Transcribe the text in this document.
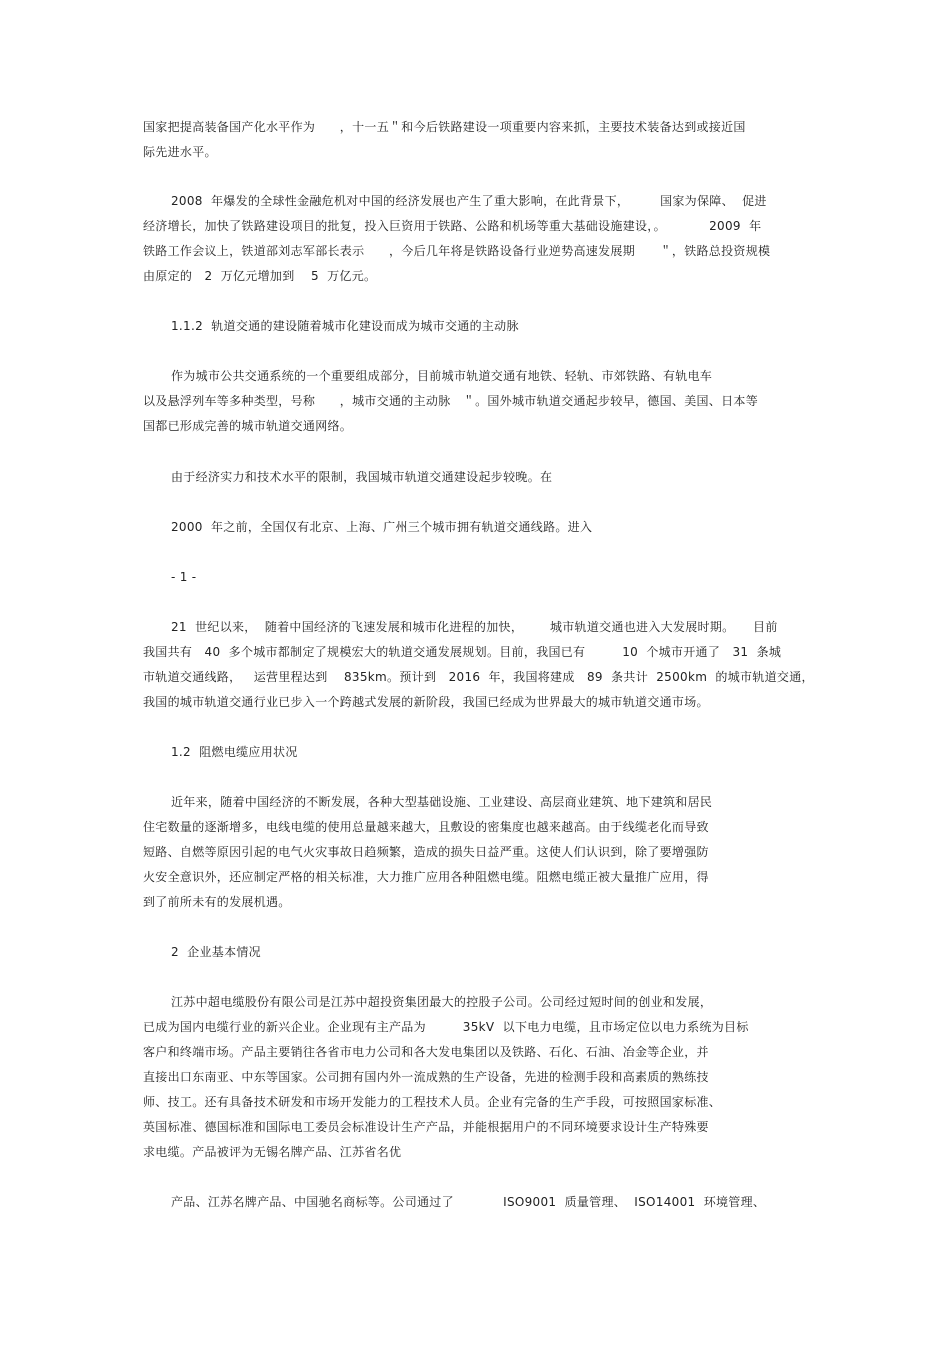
国家把提高装备国产化水平作为　　，十一五＂和今后铁路建设一项重要内容来抓，主要技术装备达到或接近国
际先进水平。
2008  年爆发的全球性金融危机对中国的经济发展也产生了重大影响，在此背景下，　　　国家为保障、  促进
经济增长，加快了铁路建设项目的批复，投入巨资用于铁路、公路和机场等重大基础设施建设，。　　　　2009  年
铁路工作会议上，铁道部刘志军部长表示　　，今后几年将是铁路设备行业逆势高速发展期　　＂，铁路总投资规模
由原定的   2  万亿元增加到    5  万亿元。
1.1.2  轨道交通的建设随着城市化建设而成为城市交通的主动脉
作为城市公共交通系统的一个重要组成部分，目前城市轨道交通有地铁、轻轨、市郊铁路、有轨电车
以及悬浮列车等多种类型，号称　　，城市交通的主动脉　＂。国外城市轨道交通起步较早，德国、美国、日本等
国都已形成完善的城市轨道交通网络。
由于经济实力和技术水平的限制，我国城市轨道交通建设起步较晚。在
2000  年之前，全国仅有北京、上海、广州三个城市拥有轨道交通线路。进入
- 1 -
21  世纪以来，  随着中国经济的飞速发展和城市化进程的加快，　　  城市轨道交通也进入大发展时期。　　目前
我国共有   40  多个城市都制定了规模宏大的轨道交通发展规划。目前，我国已有　　　10  个城市开通了   31  条城
市轨道交通线路，   运营里程达到    835km。预计到   2016  年，我国将建成   89  条共计  2500km  的城市轨道交通，
我国的城市轨道交通行业已步入一个跨越式发展的新阶段，我国已经成为世界最大的城市轨道交通市场。
1.2  阻燃电缆应用状况
近年来，随着中国经济的不断发展，各种大型基础设施、工业建设、高层商业建筑、地下建筑和居民
住宅数量的逐渐增多，电线电缆的使用总量越来越大，且敷设的密集度也越来越高。由于线缆老化而导致
短路、自燃等原因引起的电气火灾事故日趋频繁，造成的损失日益严重。这使人们认识到，除了要增强防
火安全意识外，还应制定严格的相关标准，大力推广应用各种阻燃电缆。阻燃电缆正被大量推广应用，得
到了前所未有的发展机遇。
2  企业基本情况
江苏中超电缆股份有限公司是江苏中超投资集团最大的控股子公司。公司经过短时间的创业和发展，
已成为国内电缆行业的新兴企业。企业现有主产品为　　　35kV  以下电力电缆，且市场定位以电力系统为目标
客户和终端市场。产品主要销往各省市电力公司和各大发电集团以及铁路、石化、石油、冶金等企业，并
直接出口东南亚、中东等国家。公司拥有国内外一流成熟的生产设备，先进的检测手段和高素质的熟练技
师、技工。还有具备技术研发和市场开发能力的工程技术人员。企业有完备的生产手段，可按照国家标准、
英国标准、德国标准和国际电工委员会标准设计生产产品，并能根据用户的不同环境要求设计生产特殊要
求电缆。产品被评为无锡名牌产品、江苏省名优
产品、江苏名牌产品、中国驰名商标等。公司通过了　　　　ISO9001  质量管理、  ISO14001  环境管理、
